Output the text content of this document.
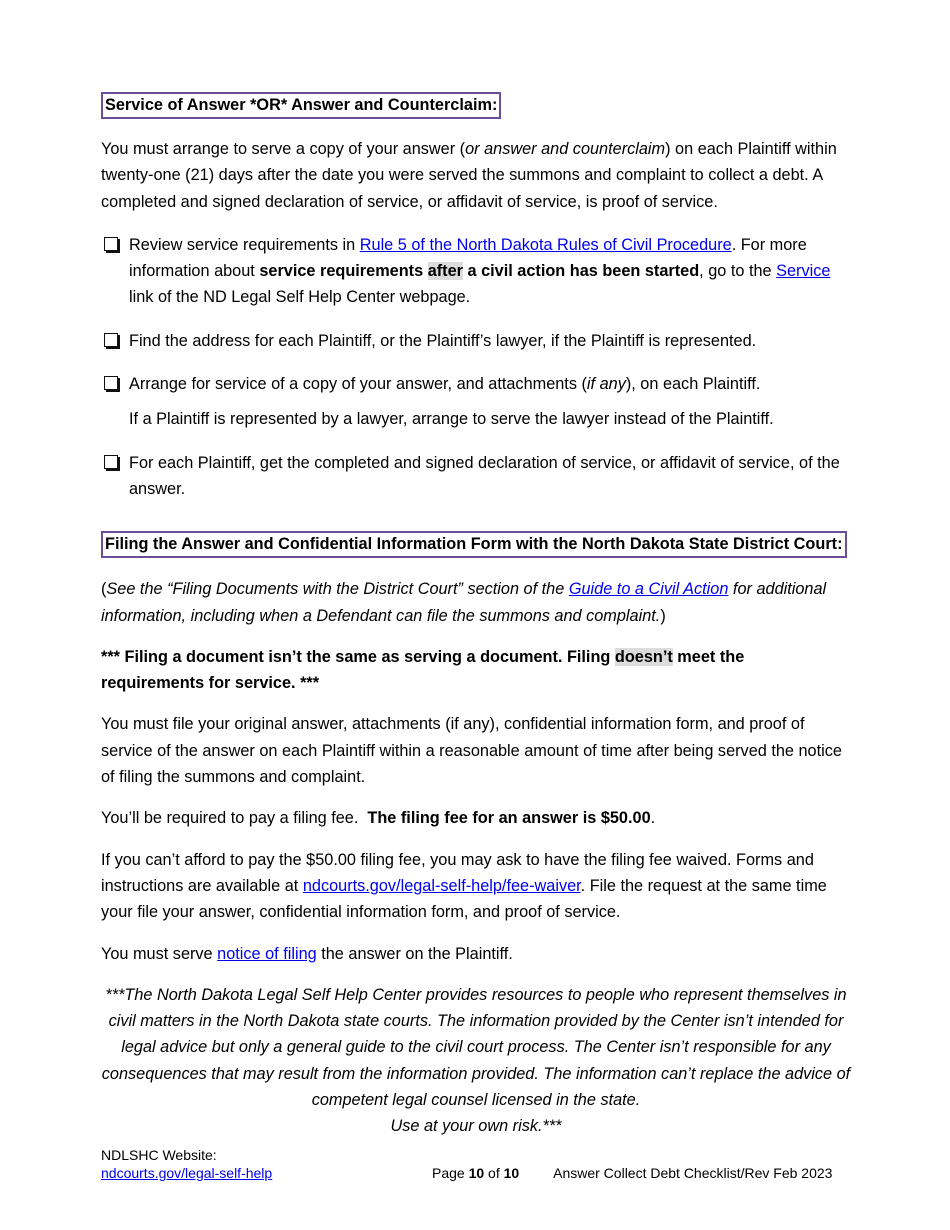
Service of Answer *OR* Answer and Counterclaim:

You must arrange to serve a copy of your answer (or answer and counterclaim) on each Plaintiff within twenty-one (21) days after the date you were served the summons and complaint to collect a debt. A completed and signed declaration of service, or affidavit of service, is proof of service.

Review service requirements in Rule 5 of the North Dakota Rules of Civil Procedure. For more information about service requirements after a civil action has been started, go to the Service link of the ND Legal Self Help Center webpage.
Find the address for each Plaintiff, or the Plaintiff’s lawyer, if the Plaintiff is represented.
Arrange for service of a copy of your answer, and attachments (if any), on each Plaintiff.
If a Plaintiff is represented by a lawyer, arrange to serve the lawyer instead of the Plaintiff.
For each Plaintiff, get the completed and signed declaration of service, or affidavit of service, of the answer.
Filing the Answer and Confidential Information Form with the North Dakota State District Court:

(See the “Filing Documents with the District Court” section of the Guide to a Civil Action for additional information, including when a Defendant can file the summons and complaint.)

*** Filing a document isn’t the same as serving a document. Filing doesn’t meet the requirements for service. ***

You must file your original answer, attachments (if any), confidential information form, and proof of service of the answer on each Plaintiff within a reasonable amount of time after being served the notice of filing the summons and complaint.

You’ll be required to pay a filing fee.  The filing fee for an answer is $50.00.

If you can’t afford to pay the $50.00 filing fee, you may ask to have the filing fee waived. Forms and instructions are available at ndcourts.gov/legal-self-help/fee-waiver. File the request at the same time your file your answer, confidential information form, and proof of service.

You must serve notice of filing the answer on the Plaintiff.

***The North Dakota Legal Self Help Center provides resources to people who represent themselves in civil matters in the North Dakota state courts. The information provided by the Center isn’t intended for legal advice but only a general guide to the civil court process. The Center isn’t responsible for any consequences that may result from the information provided. The information can’t replace the advice of competent legal counsel licensed in the state.
Use at your own risk.***

NDLSHC Website:
ndcourts.gov/legal-self-help	Page 10 of 10 Answer Collect Debt Checklist/Rev Feb 2023
